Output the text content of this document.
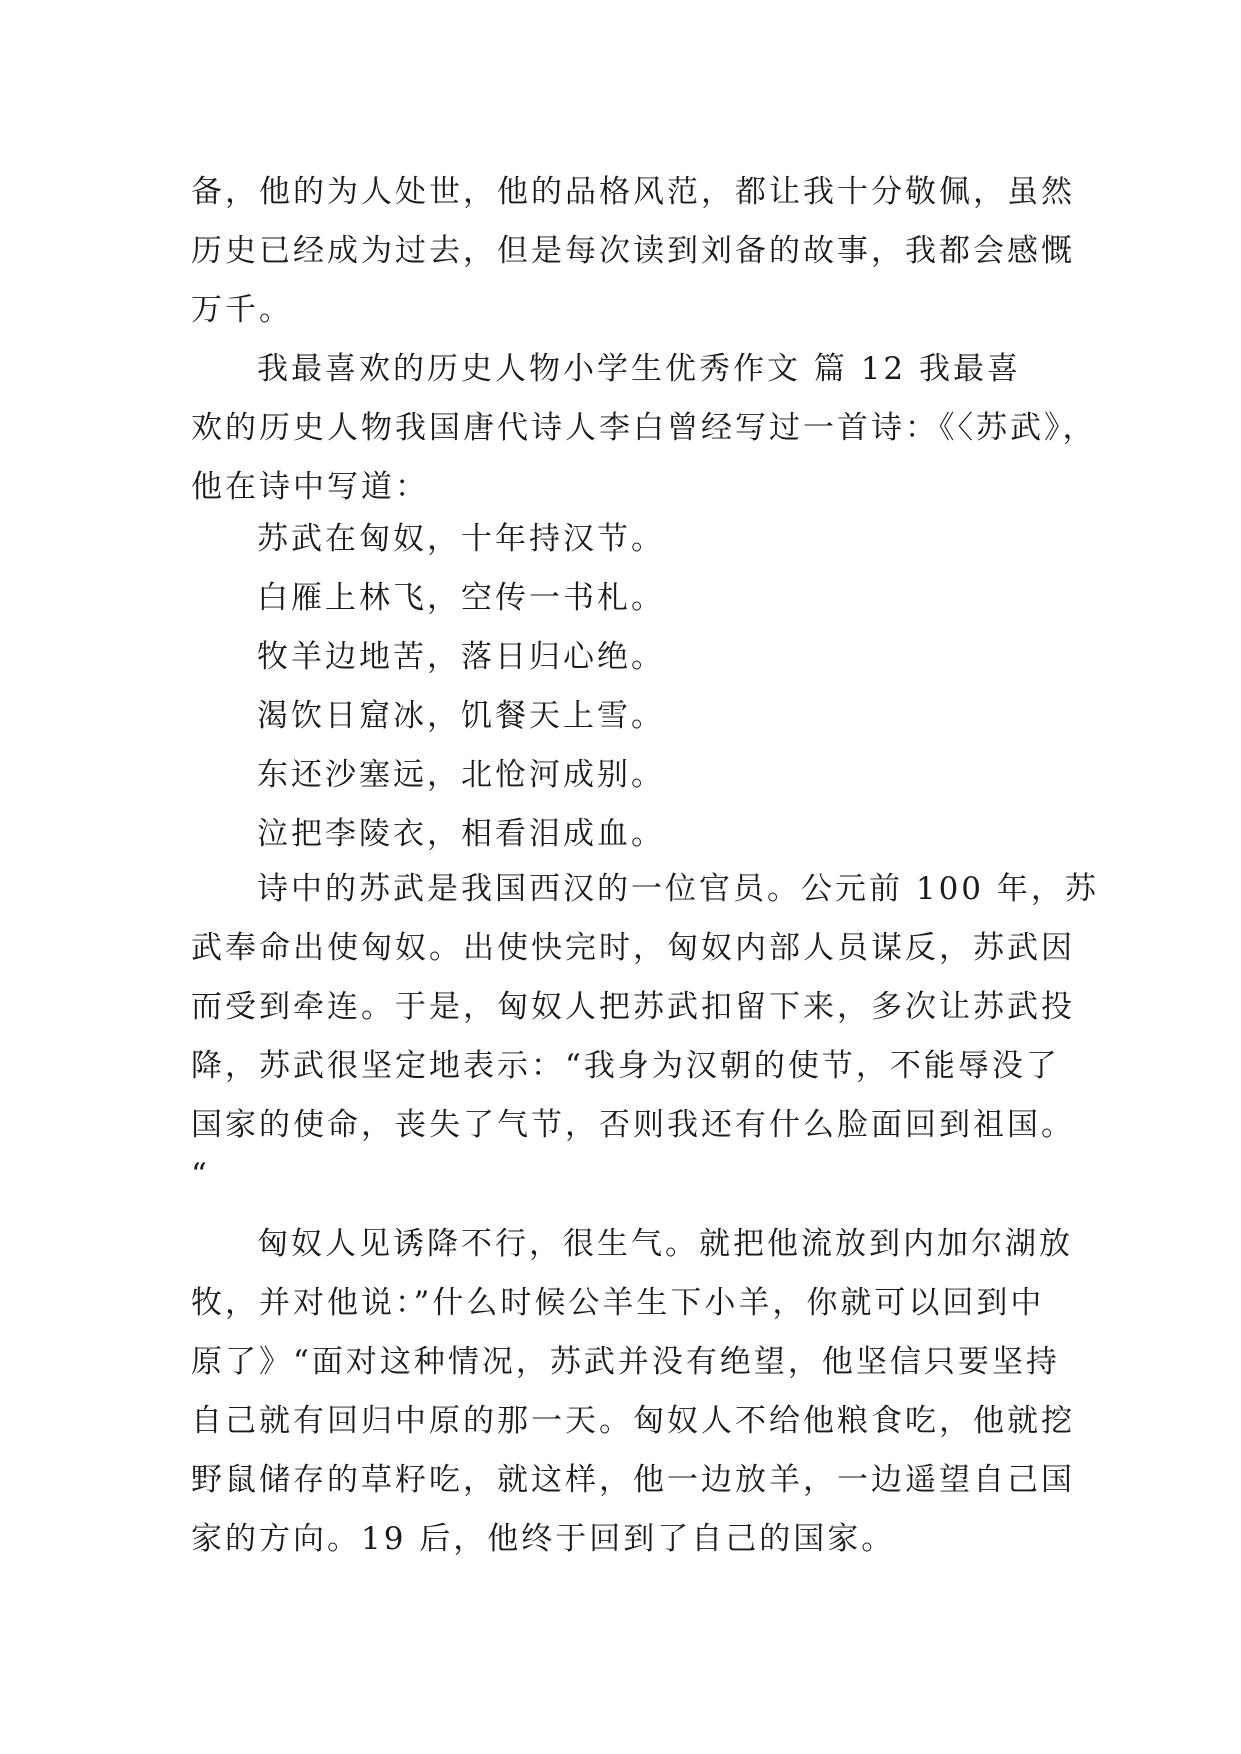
备，他的为人处世，他的品格风范，都让我十分敬佩，虽然
历史已经成为过去，但是每次读到刘备的故事，我都会感慨
万千。

我最喜欢的历史人物小学生优秀作文 篇 12 我最喜
欢的历史人物我国唐代诗人李白曾经写过一首诗：《〈苏武》，
他在诗中写道：

苏武在匈奴，十年持汉节。

白雁上林飞，空传一书札。

牧羊边地苦，落日归心绝。

渴饮日窟冰，饥餐天上雪。

东还沙塞远，北怆河成别。

泣把李陵衣，相看泪成血。

诗中的苏武是我国西汉的一位官员。公元前 100 年，苏
武奉命出使匈奴。出使快完时，匈奴内部人员谋反，苏武因
而受到牵连。于是，匈奴人把苏武扣留下来，多次让苏武投
降，苏武很坚定地表示：“我身为汉朝的使节，不能辱没了
国家的使命，丧失了气节，否则我还有什么脸面回到祖国。
“

匈奴人见诱降不行，很生气。就把他流放到内加尔湖放
牧，并对他说：”什么时候公羊生下小羊，你就可以回到中
原了》“面对这种情况，苏武并没有绝望，他坚信只要坚持
自己就有回归中原的那一天。匈奴人不给他粮食吃，他就挖
野鼠储存的草籽吃，就这样，他一边放羊，一边遥望自己国
家的方向。19 后，他终于回到了自己的国家。
